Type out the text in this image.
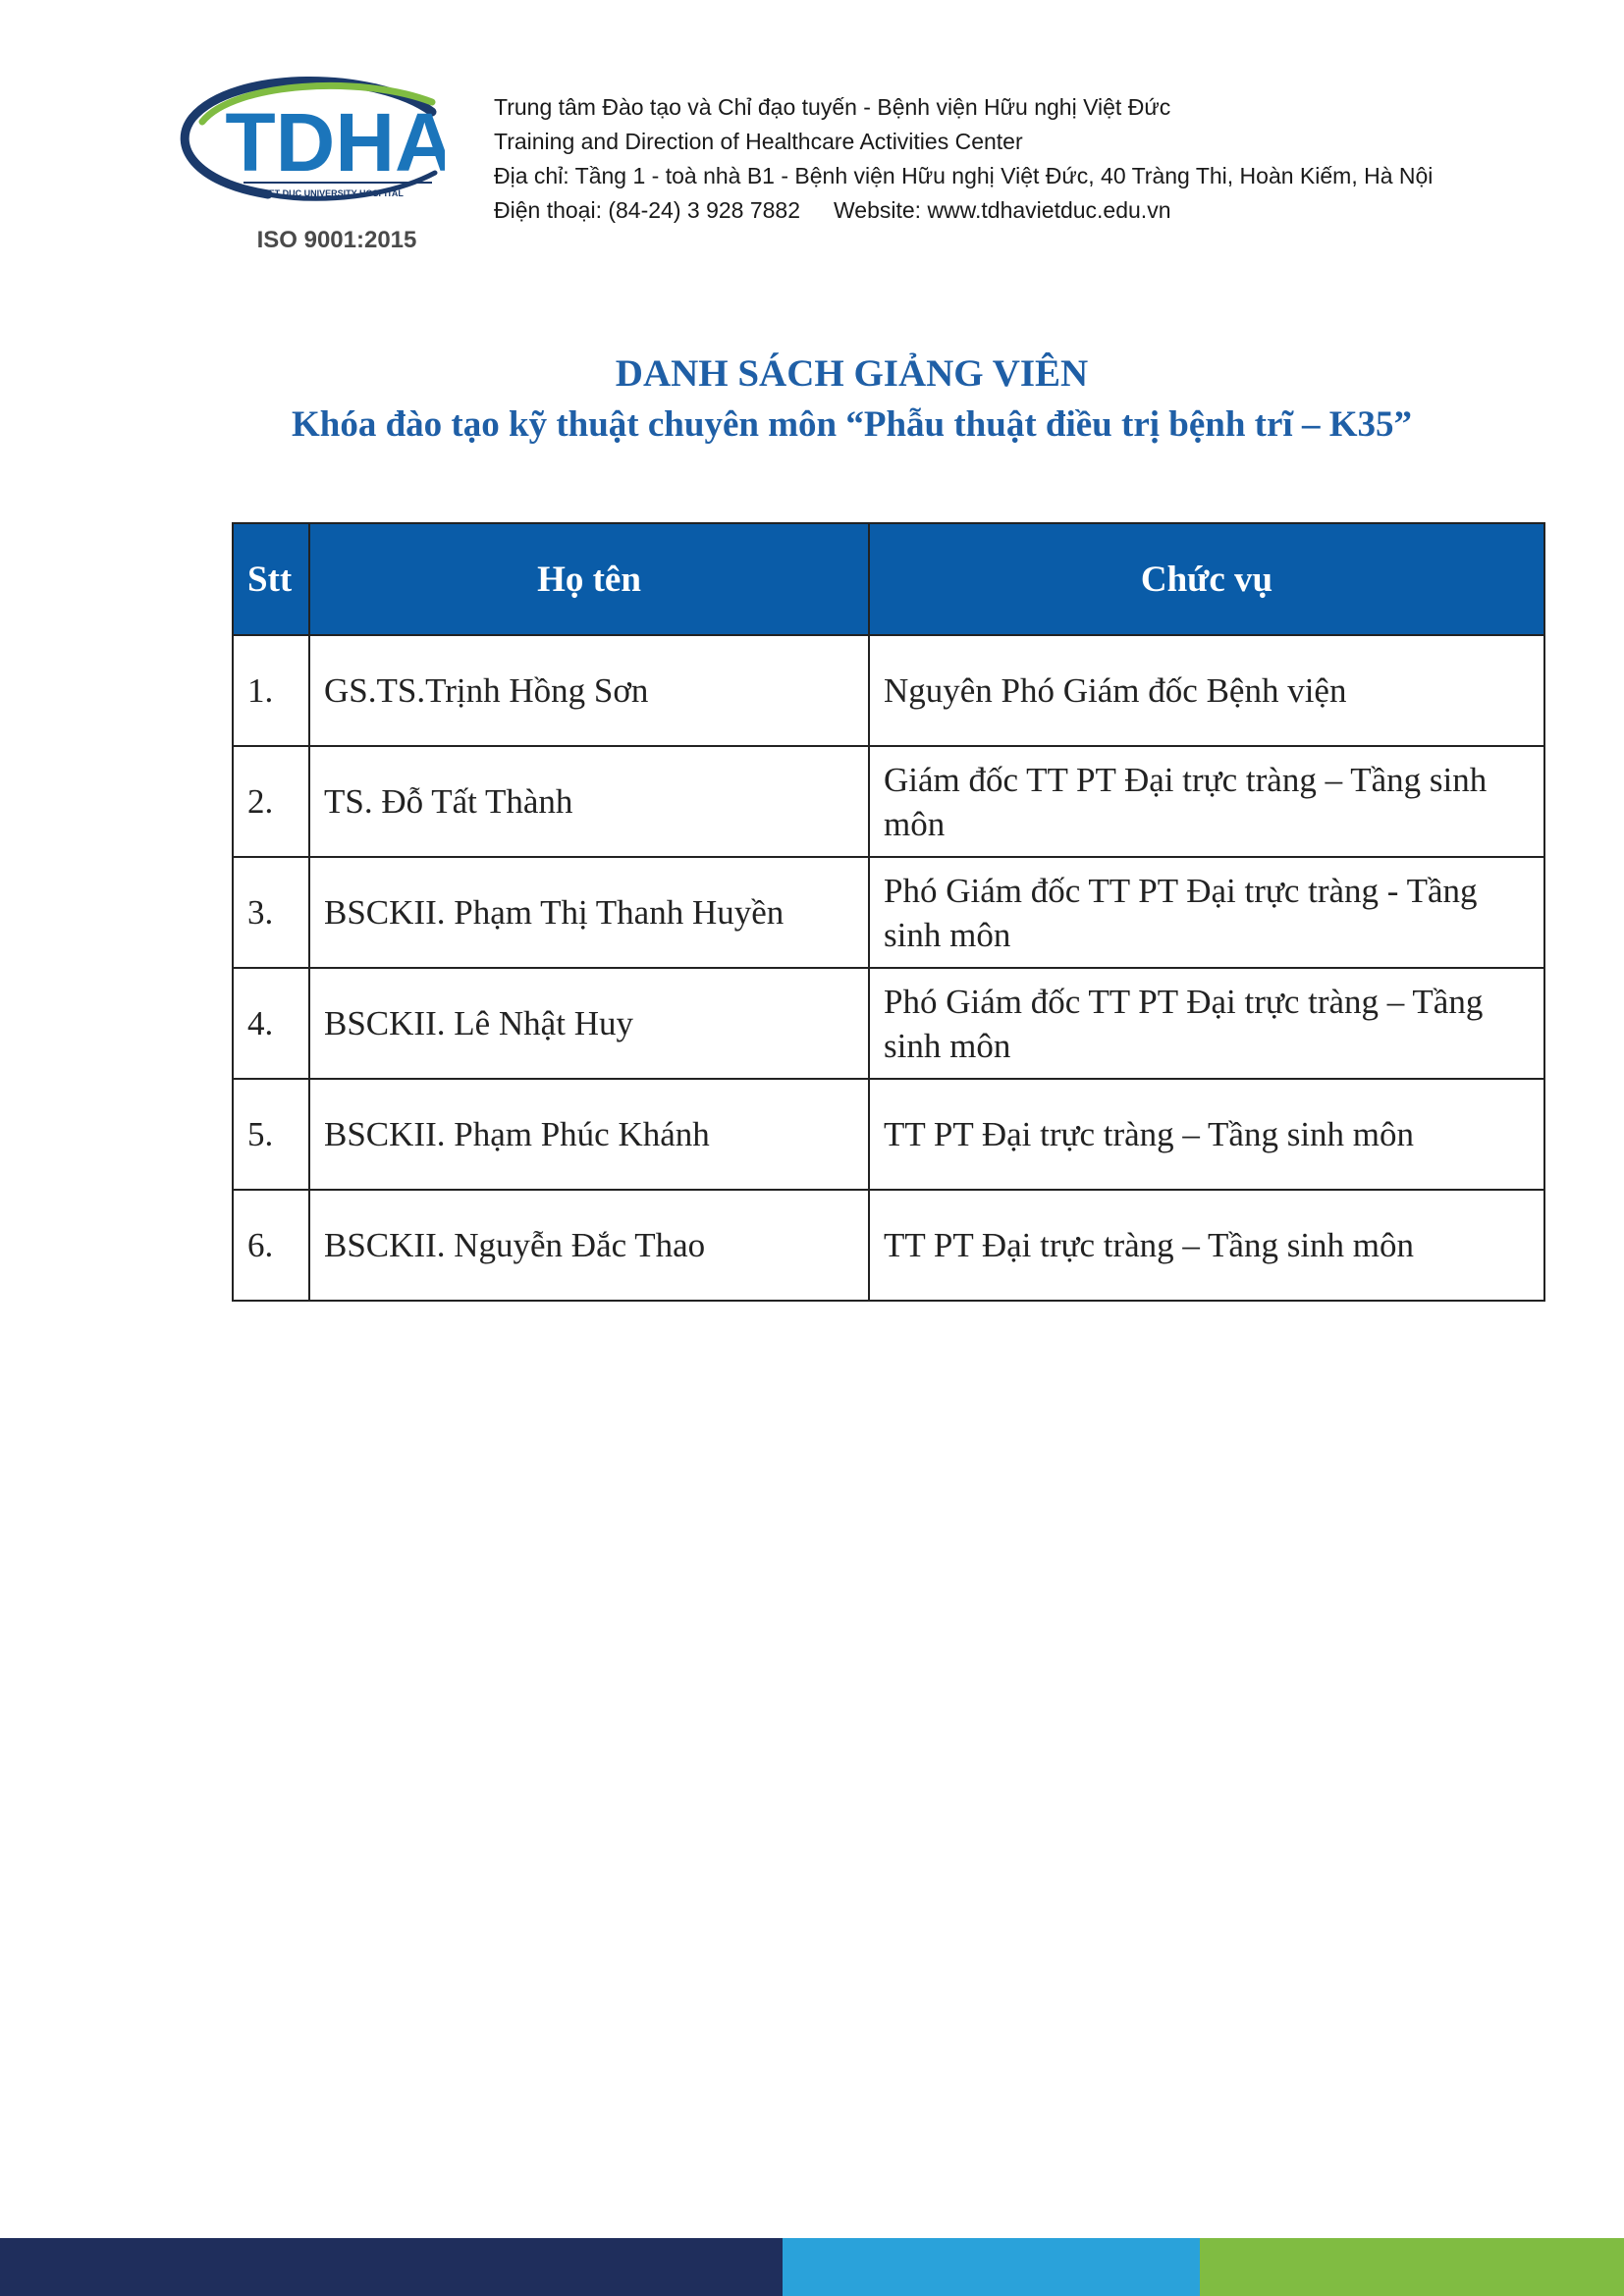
TDHA
VIET DUC UNIVERSITY HOSPITAL
ISO 9001:2015
Trung tâm Đào tạo và Chỉ đạo tuyến - Bệnh viện Hữu nghị Việt Đức
Training and Direction of Healthcare Activities Center
Địa chỉ: Tầng 1 - toà nhà B1 - Bệnh viện Hữu nghị Việt Đức, 40 Tràng Thi, Hoàn Kiếm, Hà Nội
Điện thoại: (84-24) 3 928 7882 Website: www.tdhavietduc.edu.vn
DANH SÁCH GIẢNG VIÊN
Khóa đào tạo kỹ thuật chuyên môn “Phẫu thuật điều trị bệnh trĩ – K35”
Stt	Họ tên	Chức vụ
1.	GS.TS.Trịnh Hồng Sơn	Nguyên Phó Giám đốc Bệnh viện
2.	TS. Đỗ Tất Thành	Giám đốc TT PT Đại trực tràng – Tầng sinh môn
3.	BSCKII. Phạm Thị Thanh Huyền	Phó Giám đốc TT PT Đại trực tràng - Tầng sinh môn
4.	BSCKII. Lê Nhật Huy	Phó Giám đốc TT PT Đại trực tràng – Tầng sinh môn
5.	BSCKII. Phạm Phúc Khánh	TT PT Đại trực tràng – Tầng sinh môn
6.	BSCKII. Nguyễn Đắc Thao	TT PT Đại trực tràng – Tầng sinh môn
